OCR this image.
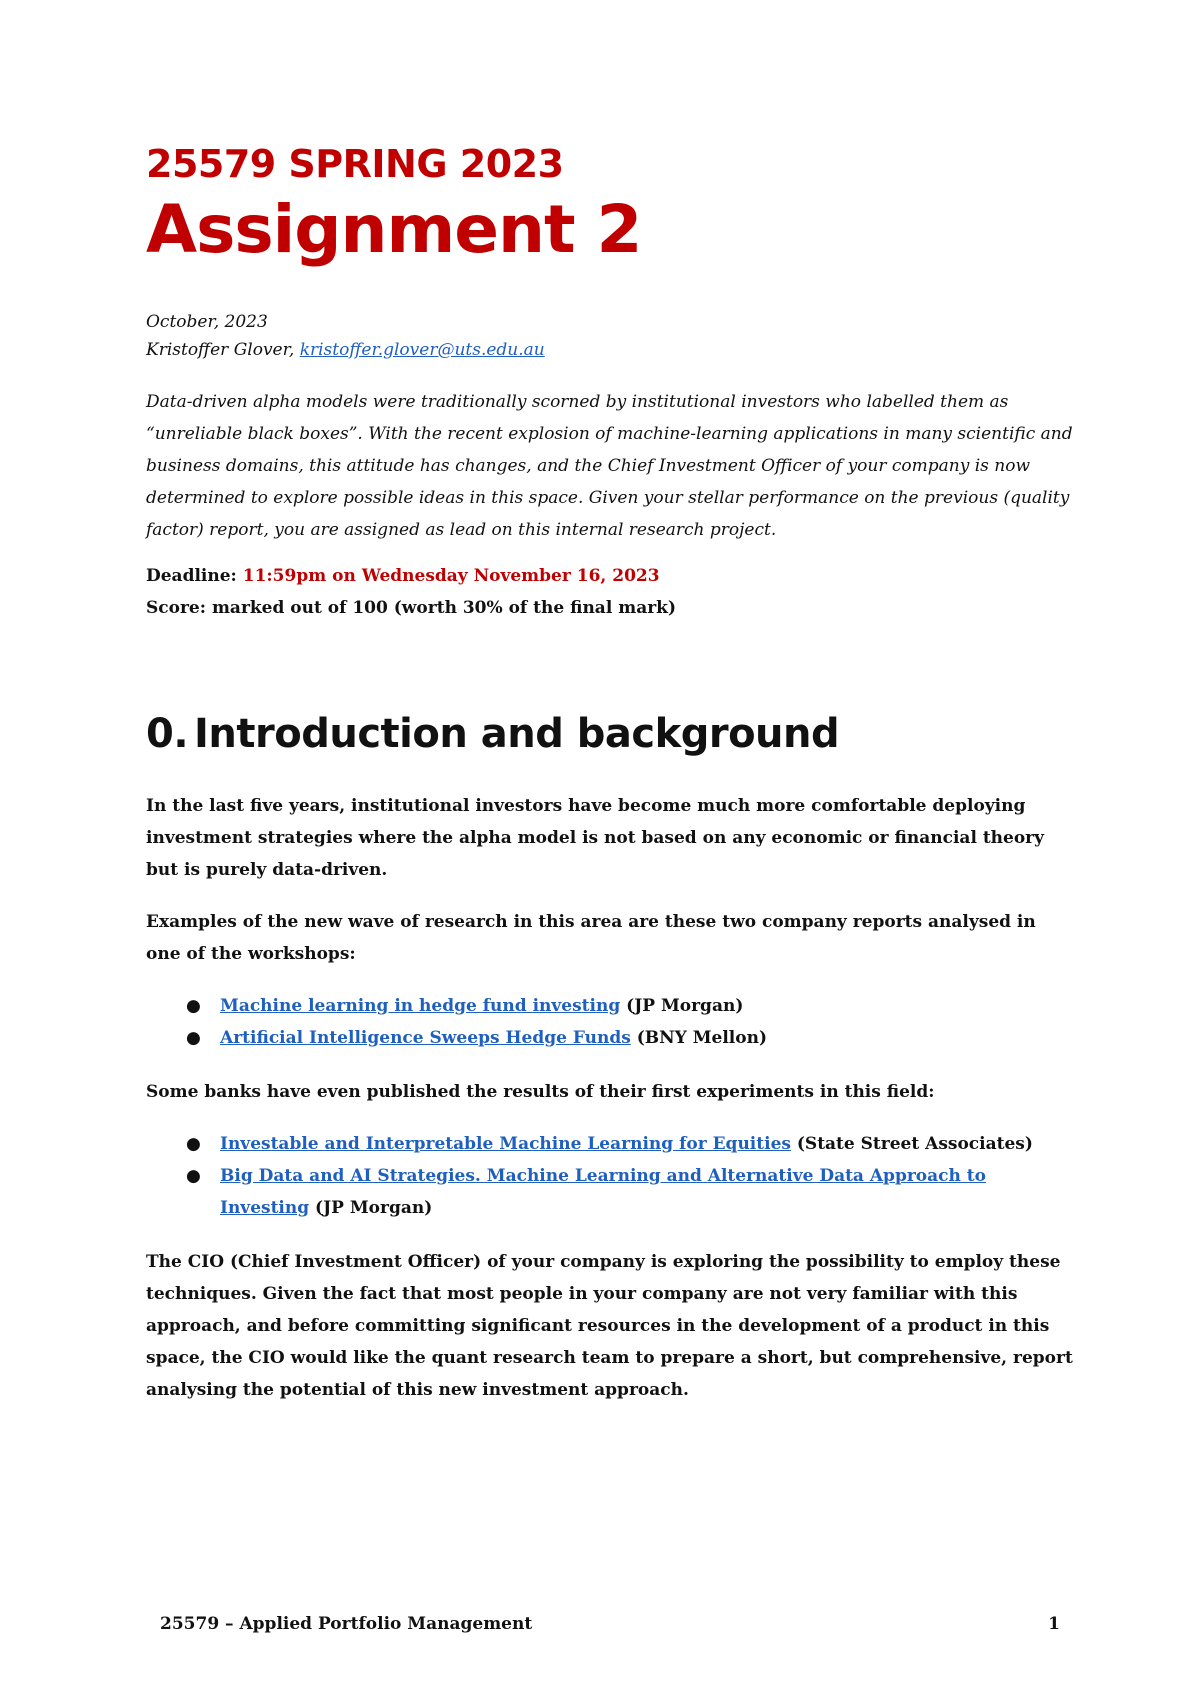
25579 SPRING 2023
Assignment 2

October, 2023

Kristoffer Glover, kristoffer.glover@uts.edu.au

Data-driven alpha models were traditionally scorned by institutional investors who labelled them as “unreliable black boxes”. With the recent explosion of machine-learning applications in many scientific and business domains, this attitude has changes, and the Chief Investment Officer of your company is now determined to explore possible ideas in this space. Given your stellar performance on the previous (quality factor) report, you are assigned as lead on this internal research project.

Deadline: 11:59pm on Wednesday November 16, 2023
Score: marked out of 100 (worth 30% of the final mark)
0. Introduction and background

In the last five years, institutional investors have become much more comfortable deploying investment strategies where the alpha model is not based on any economic or financial theory but is purely data-driven.

Examples of the new wave of research in this area are these two company reports analysed in one of the workshops:

● Machine learning in hedge fund investing (JP Morgan)
● Artificial Intelligence Sweeps Hedge Funds (BNY Mellon)

Some banks have even published the results of their first experiments in this field:

● Investable and Interpretable Machine Learning for Equities (State Street Associates)
● Big Data and AI Strategies. Machine Learning and Alternative Data Approach to Investing (JP Morgan)

The CIO (Chief Investment Officer) of your company is exploring the possibility to employ these techniques. Given the fact that most people in your company are not very familiar with this approach, and before committing significant resources in the development of a product in this space, the CIO would like the quant research team to prepare a short, but comprehensive, report analysing the potential of this new investment approach.

25579 – Applied Portfolio Management	1
